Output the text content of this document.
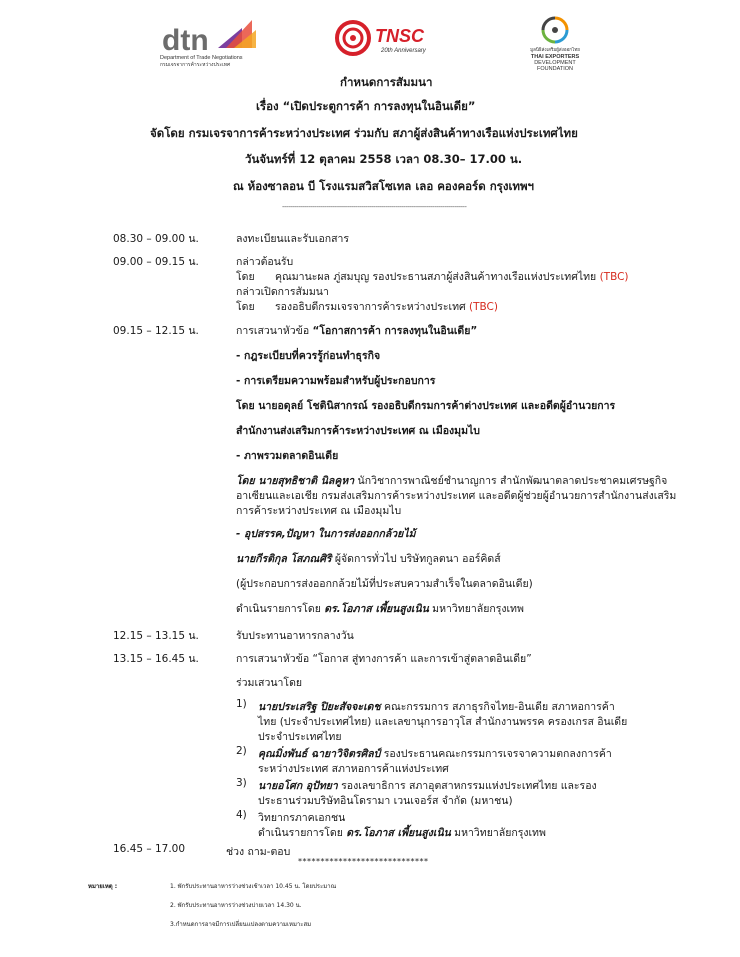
dtn
Department of Trade Negotiations
กรมเจรจาการค้าระหว่างประเทศ
TNSC
20th Anniversary	มูลนิธิส่งเสริมผู้ส่งออกไทย
THAI EXPORTERS
DEVELOPMENT
FOUNDATION
กำหนดการสัมมนา
เรื่อง “เปิดประตูการค้า การลงทุนในอินเดีย”
จัดโดย กรมเจรจาการค้าระหว่างประเทศ ร่วมกับ สภาผู้ส่งสินค้าทางเรือแห่งประเทศไทย
วันจันทร์ที่ 12 ตุลาคม 2558 เวลา 08.30– 17.00 น.
ณ ห้องซาลอน บี โรงแรมสวิสโซเทล เลอ คองคอร์ด กรุงเทพฯ
-------------------------------------------------------------------------------------------
08.30 – 09.00 น.	ลงทะเบียนและรับเอกสาร
09.00 – 09.15 น.	กล่าวต้อนรับ
โดย คุณมานะผล ภู่สมบุญ รองประธานสภาผู้ส่งสินค้าทางเรือแห่งประเทศไทย (TBC)
กล่าวเปิดการสัมมนา
โดย รองอธิบดีกรมเจรจาการค้าระหว่างประเทศ (TBC)
09.15 – 12.15 น.	การเสวนาหัวข้อ “โอกาสการค้า การลงทุนในอินเดีย”
- กฎระเบียบที่ควรรู้ก่อนทำธุรกิจ
- การเตรียมความพร้อมสำหรับผู้ประกอบการ
โดย นายอดุลย์ โชตินิสากรณ์ รองอธิบดีกรมการค้าต่างประเทศ และอดีตผู้อำนวยการ
สำนักงานส่งเสริมการค้าระหว่างประเทศ ณ เมืองมุมไบ
- ภาพรวมตลาดอินเดีย
โดย นายสุทธิชาติ นิลคูหา นักวิชาการพาณิชย์ชำนาญการ สำนักพัฒนาตลาดประชาคมเศรษฐกิจ
อาเซียนและเอเชีย กรมส่งเสริมการค้าระหว่างประเทศ และอดีตผู้ช่วยผู้อำนวยการสำนักงานส่งเสริม
การค้าระหว่างประเทศ ณ เมืองมุมไบ
- อุปสรรค,ปัญหา ในการส่งออกกล้วยไม้
นายกีรติกุล โสภณศิริ ผู้จัดการทั่วไป บริษัทกูลตนา ออร์คิดส์
(ผู้ประกอบการส่งออกกล้วยไม้ที่ประสบความสำเร็จในตลาดอินเดีย)
ดำเนินรายการโดย ดร.โอภาส เพี้ยนสูงเนิน มหาวิทยาลัยกรุงเทพ
12.15 – 13.15 น.	รับประทานอาหารกลางวัน
13.15 – 16.45 น.	การเสวนาหัวข้อ “โอกาส สู่ทางการค้า และการเข้าสู่ตลาดอินเดีย”
ร่วมเสวนาโดย
1) นายประเสริฐ ปิยะสัจจะเดช คณะกรรมการ สภาธุรกิจไทย-อินเดีย สภาหอการค้า
ไทย (ประจำประเทศไทย) และเลขานุการอาวุโส สำนักงานพรรค ครองเกรส อินเดีย
ประจำประเทศไทย
2) คุณมิ่งพันธ์ ฉายาวิจิตรศิลป์ รองประธานคณะกรรมการเจรจาความตกลงการค้า
ระหว่างประเทศ สภาหอการค้าแห่งประเทศ
3) นายอโศก อุปัทยา รองเลขาธิการ สภาอุตสาหกรรมแห่งประเทศไทย และรอง
ประธานร่วมบริษัทอินโดรามา เวนเจอร์ส จำกัด (มหาชน)
4) วิทยากรภาคเอกชน
ดำเนินรายการโดย ดร.โอภาส เพี้ยนสูงเนิน มหาวิทยาลัยกรุงเทพ
16.45 – 17.00	ช่วง ถาม-ตอบ
*****************************
หมายเหตุ :	1. พักรับประทานอาหารว่างช่วงเช้าเวลา 10.45 น. โดยประมาณ
2. พักรับประทานอาหารว่างช่วงบ่ายเวลา 14.30 น.
3.กำหนดการอาจมีการเปลี่ยนแปลงตามความเหมาะสม
